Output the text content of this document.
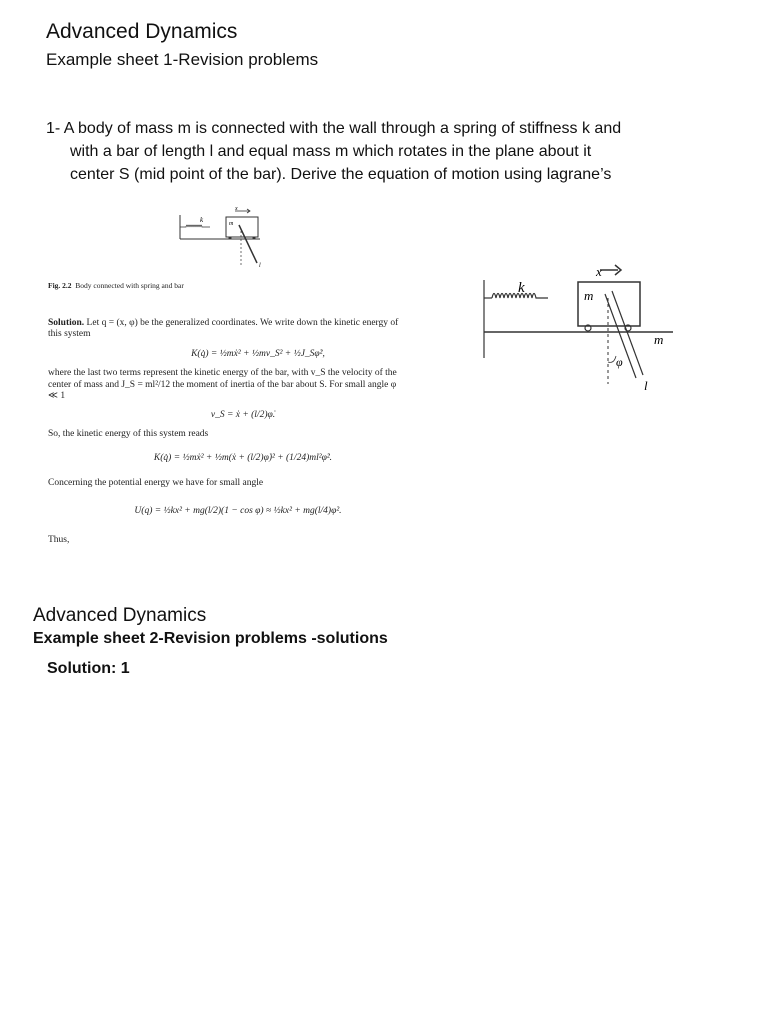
Advanced Dynamics
Example sheet 1-Revision problems
1- A body of mass m is connected with the wall through a spring of stiffness k and
with a bar of length l and equal mass m which rotates in the plane about it
center S (mid point of the bar). Derive the equation of motion using lagrane’s
k	m
x
l

Fig. 2.2 Body connected with spring and bar

Solution. Let q = (x, φ) be the generalized coordinates. We write down the kinetic energy of this system

K(q̇) = ½mẋ² + ½mv_S² + ½J_Sφ̇²,

where the last two terms represent the kinetic energy of the bar, with v_S the velocity of the center of mass and J_S = ml²/12 the moment of inertia of the bar about S. For small angle φ ≪ 1

v_S = ẋ + (l/2)φ̇.

So, the kinetic energy of this system reads

K(q̇) = ½mẋ² + ½m(ẋ + (l/2)φ̇)² + (1/24)ml²φ̇².

Concerning the potential energy we have for small angle

U(q) = ½kx² + mg(l/2)(1 − cos φ) ≈ ½kx² + mg(l/4)φ².

Thus,

k	m
x
m
φ
l
Advanced Dynamics
Example sheet 2-Revision problems -solutions
Solution: 1
